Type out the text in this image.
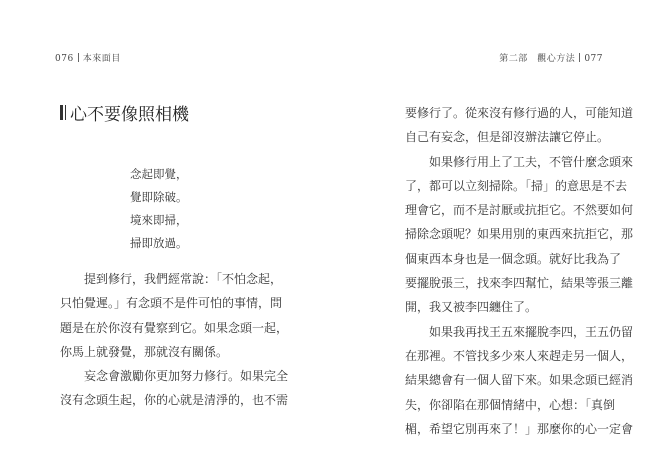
076 本來面目	第二部　觀心方法 077
心不要像照相機
念起即覺，
覺即除破。
境來即掃，
掃即放過。
提到修行，我們經常說：「不怕念起，
只怕覺遲。」有念頭不是件可怕的事情，問
題是在於你沒有覺察到它。如果念頭一起，
你馬上就發覺，那就沒有關係。
妄念會激勵你更加努力修行。如果完全
沒有念頭生起，你的心就是清淨的，也不需
要修行了。從來沒有修行過的人，可能知道
自己有妄念，但是卻沒辦法讓它停止。
如果修行用上了工夫，不管什麼念頭來
了，都可以立刻掃除。「掃」的意思是不去
理會它，而不是討厭或抗拒它。不然要如何
掃除念頭呢？如果用別的東西來抗拒它，那
個東西本身也是一個念頭。就好比我為了
要擺脫張三，找來李四幫忙，結果等張三離
開，我又被李四纏住了。
如果我再找王五來擺脫李四，王五仍留
在那裡。不管找多少來人來趕走另一個人，
結果總會有一個人留下來。如果念頭已經消
失，你卻陷在那個情緒中，心想：「真倒
楣，希望它別再來了！」那麼你的心一定會
